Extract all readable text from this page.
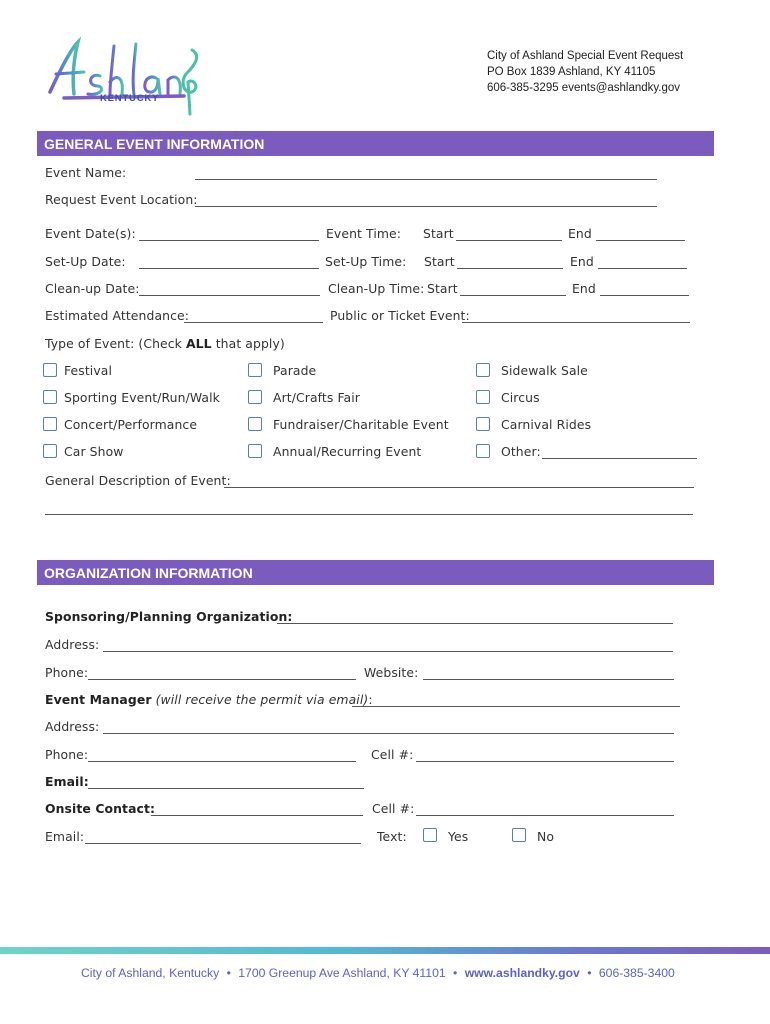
KENTUCKY
City of Ashland Special Event Request
PO Box 1839 Ashland, KY 41105
606-385-3295 events@ashlandky.gov
GENERAL EVENT INFORMATION
Event Name:
Request Event Location:
Event Date(s):	Event Time: Start	End
Set-Up Date:	Set-Up Time: Start	End
Clean-up Date:	Clean-Up Time: Start	End
Estimated Attendance:	Public or Ticket Event:
Type of Event: (Check ALL that apply)
Festival	Parade	Sidewalk Sale
Sporting Event/Run/Walk	Art/Crafts Fair	Circus
Concert/Performance	Fundraiser/Charitable Event	Carnival Rides
Car Show	Annual/Recurring Event	Other:
General Description of Event:
ORGANIZATION INFORMATION
Sponsoring/Planning Organization:
Address:
Phone:	Website:
Event Manager (will receive the permit via email):
Address:
Phone:	Cell #:
Email:
Onsite Contact:	Cell #:
Email:	Text:	Yes	No
City of Ashland, Kentucky • 1700 Greenup Ave Ashland, KY 41101 • www.ashlandky.gov • 606-385-3400
